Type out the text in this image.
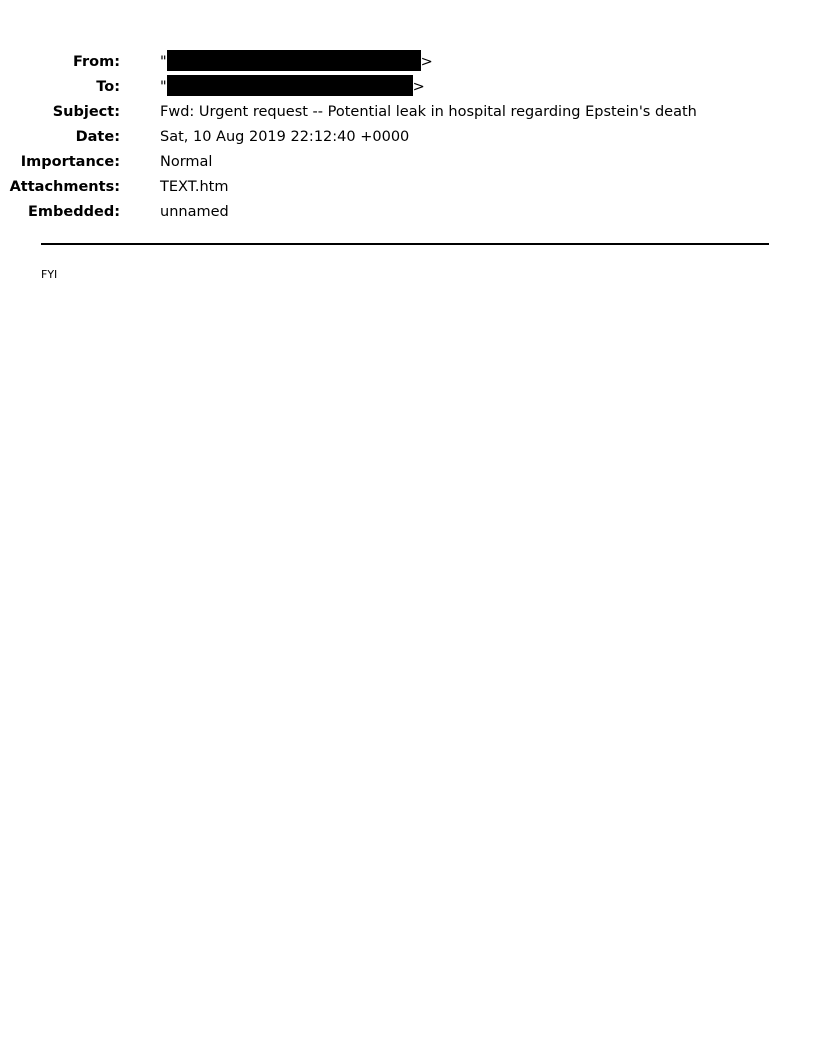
From:	"	>
To:	"	>
Subject:	Fwd: Urgent request -- Potential leak in hospital regarding Epstein's death
Date:	Sat, 10 Aug 2019 22:12:40 +0000
Importance:	Normal
Attachments:	TEXT.htm
Embedded:	unnamed
FYI
